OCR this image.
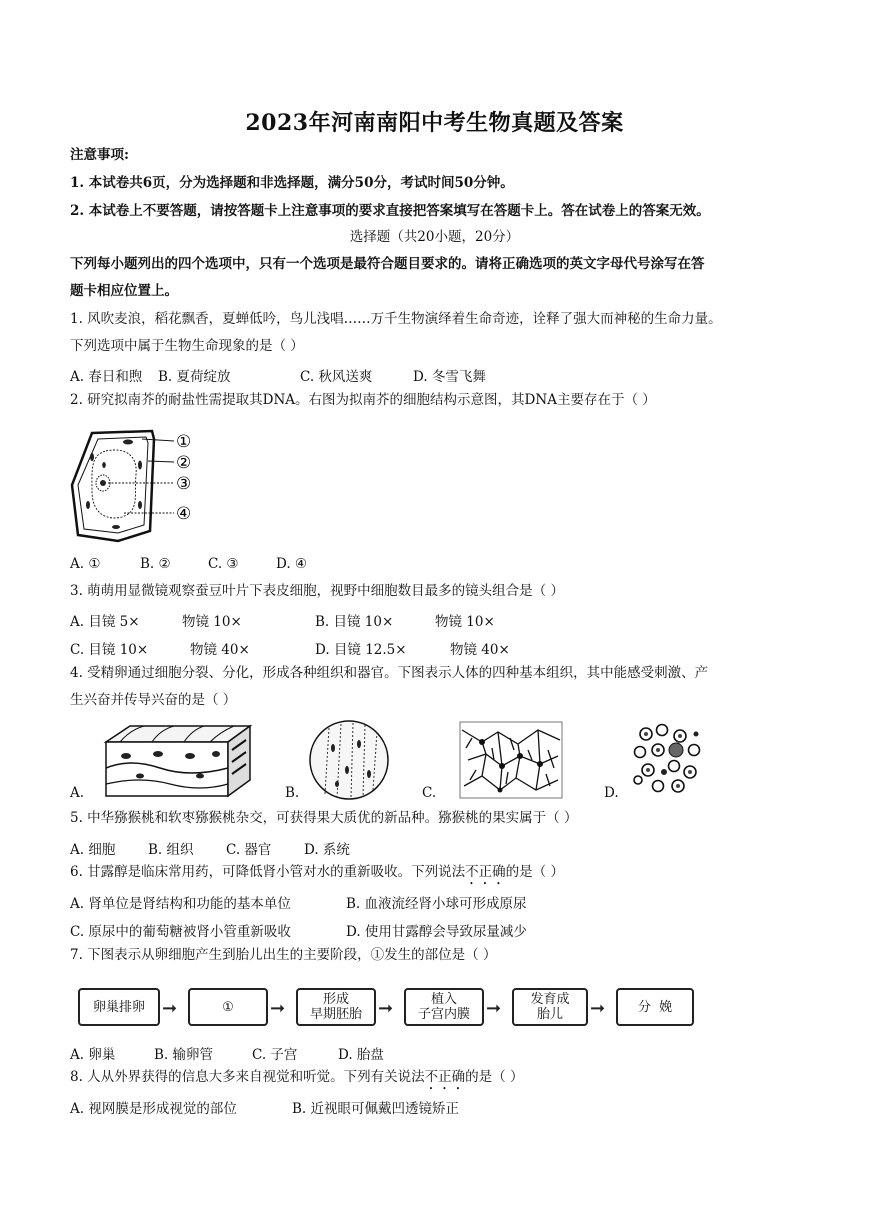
2023年河南南阳中考生物真题及答案
注意事项:
1. 本试卷共6页，分为选择题和非选择题，满分50分，考试时间50分钟。
2. 本试卷上不要答题，请按答题卡上注意事项的要求直接把答案填写在答题卡上。答在试卷上的答案无效。
选择题（共20小题，20分）
下列每小题列出的四个选项中，只有一个选项是最符合题目要求的。请将正确选项的英文字母代号涂写在答
题卡相应位置上。
1. 风吹麦浪，稻花飘香，夏蝉低吟，鸟儿浅唱……万千生物演绎着生命奇迹，诠释了强大而神秘的生命力量。
下列选项中属于生物生命现象的是（ ）
A. 春日和煦 B. 夏荷绽放	C. 秋风送爽	D. 冬雪飞舞
2. 研究拟南芥的耐盐性需提取其DNA。右图为拟南芥的细胞结构示意图，其DNA主要存在于（ ）
①
②
③
④
A. ①	B. ②	C. ③	D. ④
3. 萌萌用显微镜观察蚕豆叶片下表皮细胞，视野中细胞数目最多的镜头组合是（ ）
A. 目镜 5×	物镜 10×	B. 目镜 10×	物镜 10×
C. 目镜 10×	物镜 40×	D. 目镜 12.5×	物镜 40×
4. 受精卵通过细胞分裂、分化，形成各种组织和器官。下图表示人体的四种基本组织，其中能感受刺激、产
生兴奋并传导兴奋的是（ ）
A.	B.	C.	D.
5. 中华猕猴桃和软枣猕猴桃杂交，可获得果大质优的新品种。猕猴桃的果实属于（ ）
A. 细胞 B. 组织 C. 器官 D. 系统
6. 甘露醇是临床常用药，可降低肾小管对水的重新吸收。下列说法不正确的是（ ）
A. 肾单位是肾结构和功能的基本单位	B. 血液流经肾小球可形成原尿
C. 原尿中的葡萄糖被肾小管重新吸收	D. 使用甘露醇会导致尿量减少
7. 下图表示从卵细胞产生到胎儿出生的主要阶段，①发生的部位是（ ）
卵巢排卵 ➞	①	➞	形成
早期胚胎 ➞	植入
子宫内膜 ➞	发育成
胎儿	➞	分  娩
A. 卵巢	B. 输卵管	C. 子宫	D. 胎盘
8. 人从外界获得的信息大多来自视觉和听觉。下列有关说法不正确的是（ ）
A. 视网膜是形成视觉的部位	B. 近视眼可佩戴凹透镜矫正
